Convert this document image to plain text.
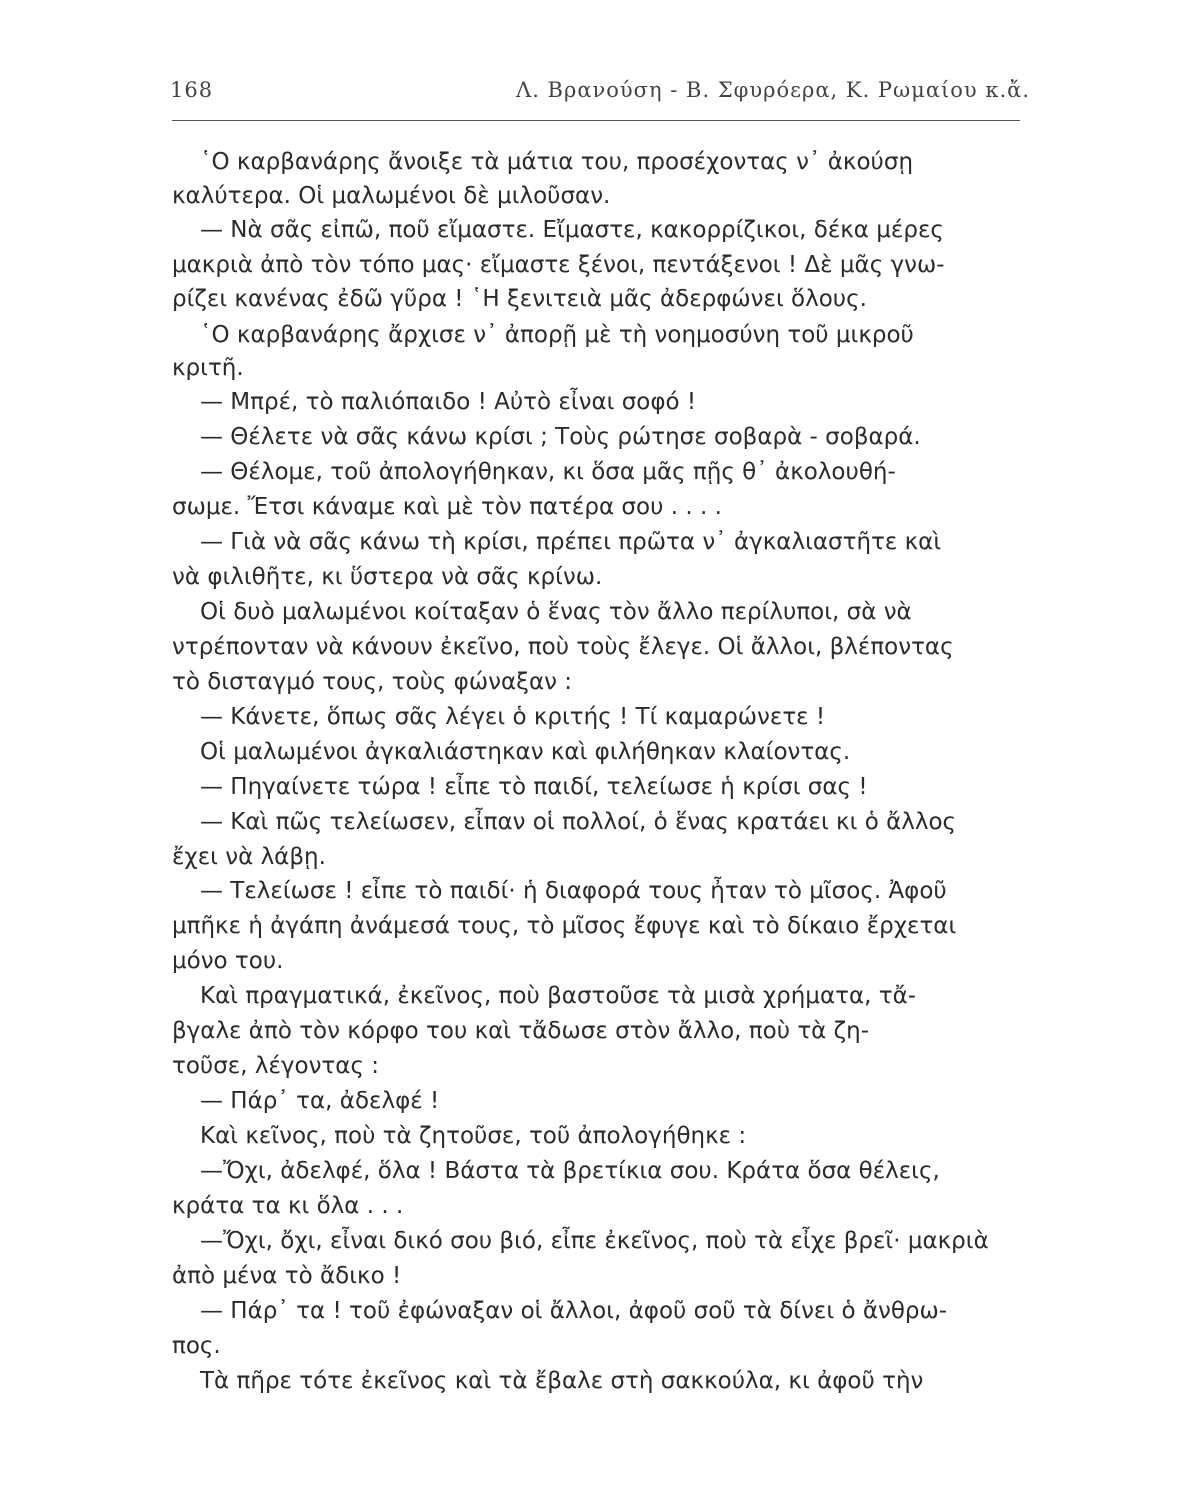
168	Λ. Βρανούση - Β. Σφυρόερα, Κ. Ρωμαίου κ.ἄ.
῾Ο καρβανάρης ἄνοιξε τὰ μάτια του, προσέχοντας ν᾽ ἀκούσῃ
καλύτερα. Οἱ μαλωμένοι δὲ μιλοῦσαν.
— Νὰ σᾶς εἰπῶ, ποῦ εἴμαστε. Εἴμαστε, κακορρίζικοι, δέκα μέρες
μακριὰ ἀπὸ τὸν τόπο μας· εἴμαστε ξένοι, πεντάξενοι ! Δὲ μᾶς γνω-
ρίζει κανένας ἐδῶ γῦρα ! ῾Η ξενιτειὰ μᾶς ἀδερφώνει ὅλους.
῾Ο καρβανάρης ἄρχισε ν᾽ ἀπορῇ μὲ τὴ νοημοσύνη τοῦ μικροῦ
κριτῆ.
— Μπρέ, τὸ παλιόπαιδο ! Αὐτὸ εἶναι σοφό !
— Θέλετε νὰ σᾶς κάνω κρίσι ; Τοὺς ρώτησε σοβαρὰ - σοβαρά.
— Θέλομε, τοῦ ἀπολογήθηκαν, κι ὅσα μᾶς πῇς θ᾽ ἀκολουθή-
σωμε. Ἔτσι κάναμε καὶ μὲ τὸν πατέρα σου . . . .
— Γιὰ νὰ σᾶς κάνω τὴ κρίσι, πρέπει πρῶτα ν᾽ ἀγκαλιαστῆτε καὶ
νὰ φιλιθῆτε, κι ὕστερα νὰ σᾶς κρίνω.
Οἱ δυὸ μαλωμένοι κοίταξαν ὁ ἕνας τὸν ἄλλο περίλυποι, σὰ νὰ
ντρέπονταν νὰ κάνουν ἐκεῖνο, ποὺ τοὺς ἔλεγε. Οἱ ἄλλοι, βλέποντας
τὸ δισταγμό τους, τοὺς φώναξαν :
— Κάνετε, ὅπως σᾶς λέγει ὁ κριτής ! Τί καμαρώνετε !
Οἱ μαλωμένοι ἀγκαλιάστηκαν καὶ φιλήθηκαν κλαίοντας.
— Πηγαίνετε τώρα ! εἶπε τὸ παιδί, τελείωσε ἡ κρίσι σας !
— Καὶ πῶς τελείωσεν, εἶπαν οἱ πολλοί, ὁ ἕνας κρατάει κι ὁ ἄλλος
ἔχει νὰ λάβῃ.
— Τελείωσε ! εἶπε τὸ παιδί· ἡ διαφορά τους ἦταν τὸ μῖσος. Ἀφοῦ
μπῆκε ἡ ἀγάπη ἀνάμεσά τους, τὸ μῖσος ἔφυγε καὶ τὸ δίκαιο ἔρχεται
μόνο του.
Καὶ πραγματικά, ἐκεῖνος, ποὺ βαστοῦσε τὰ μισὰ χρήματα, τἄ-
βγαλε ἀπὸ τὸν κόρφο του καὶ τἄδωσε στὸν ἄλλο, ποὺ τὰ ζη-
τοῦσε, λέγοντας :
— Πάρ᾽ τα, ἀδελφέ !
Καὶ κεῖνος, ποὺ τὰ ζητοῦσε, τοῦ ἀπολογήθηκε :
—Ὄχι, ἀδελφέ, ὅλα ! Βάστα τὰ βρετίκια σου. Κράτα ὅσα θέλεις,
κράτα τα κι ὅλα . . .
—Ὄχι, ὄχι, εἶναι δικό σου βιό, εἶπε ἐκεῖνος, ποὺ τὰ εἶχε βρεῖ· μακριὰ
ἀπὸ μένα τὸ ἄδικο !
— Πάρ᾽ τα ! τοῦ ἐφώναξαν οἱ ἄλλοι, ἀφοῦ σοῦ τὰ δίνει ὁ ἄνθρω-
πος.
Τὰ πῆρε τότε ἐκεῖνος καὶ τὰ ἔβαλε στὴ σακκούλα, κι ἀφοῦ τὴν
